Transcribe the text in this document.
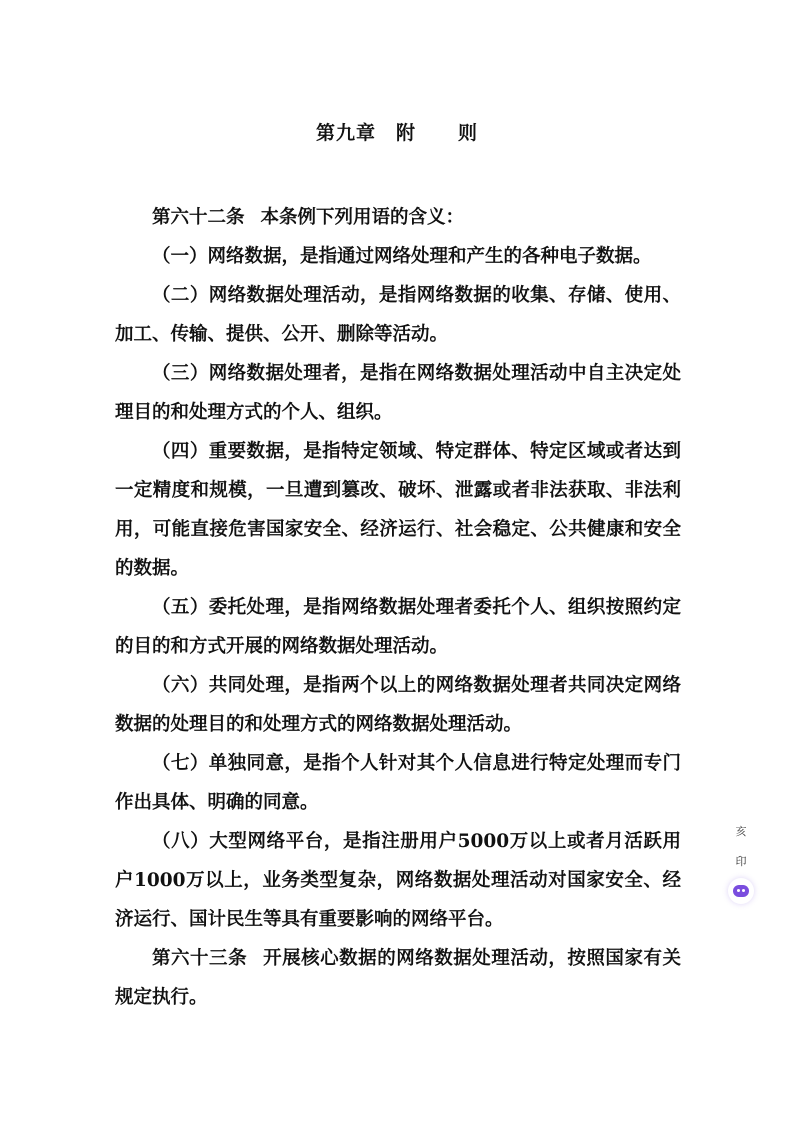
第九章 附 则

第六十二条 本条例下列用语的含义：

（一）网络数据，是指通过网络处理和产生的各种电子数据。

（二）网络数据处理活动，是指网络数据的收集、存储、使用、加工、传输、提供、公开、删除等活动。

（三）网络数据处理者，是指在网络数据处理活动中自主决定处理目的和处理方式的个人、组织。

（四）重要数据，是指特定领域、特定群体、特定区域或者达到一定精度和规模，一旦遭到篡改、破坏、泄露或者非法获取、非法利用，可能直接危害国家安全、经济运行、社会稳定、公共健康和安全的数据。

（五）委托处理，是指网络数据处理者委托个人、组织按照约定的目的和方式开展的网络数据处理活动。

（六）共同处理，是指两个以上的网络数据处理者共同决定网络数据的处理目的和处理方式的网络数据处理活动。

（七）单独同意，是指个人针对其个人信息进行特定处理而专门作出具体、明确的同意。

（八）大型网络平台，是指注册用户5000万以上或者月活跃用户1000万以上，业务类型复杂，网络数据处理活动对国家安全、经济运行、国计民生等具有重要影响的网络平台。

第六十三条 开展核心数据的网络数据处理活动，按照国家有关规定执行。

亥
印
